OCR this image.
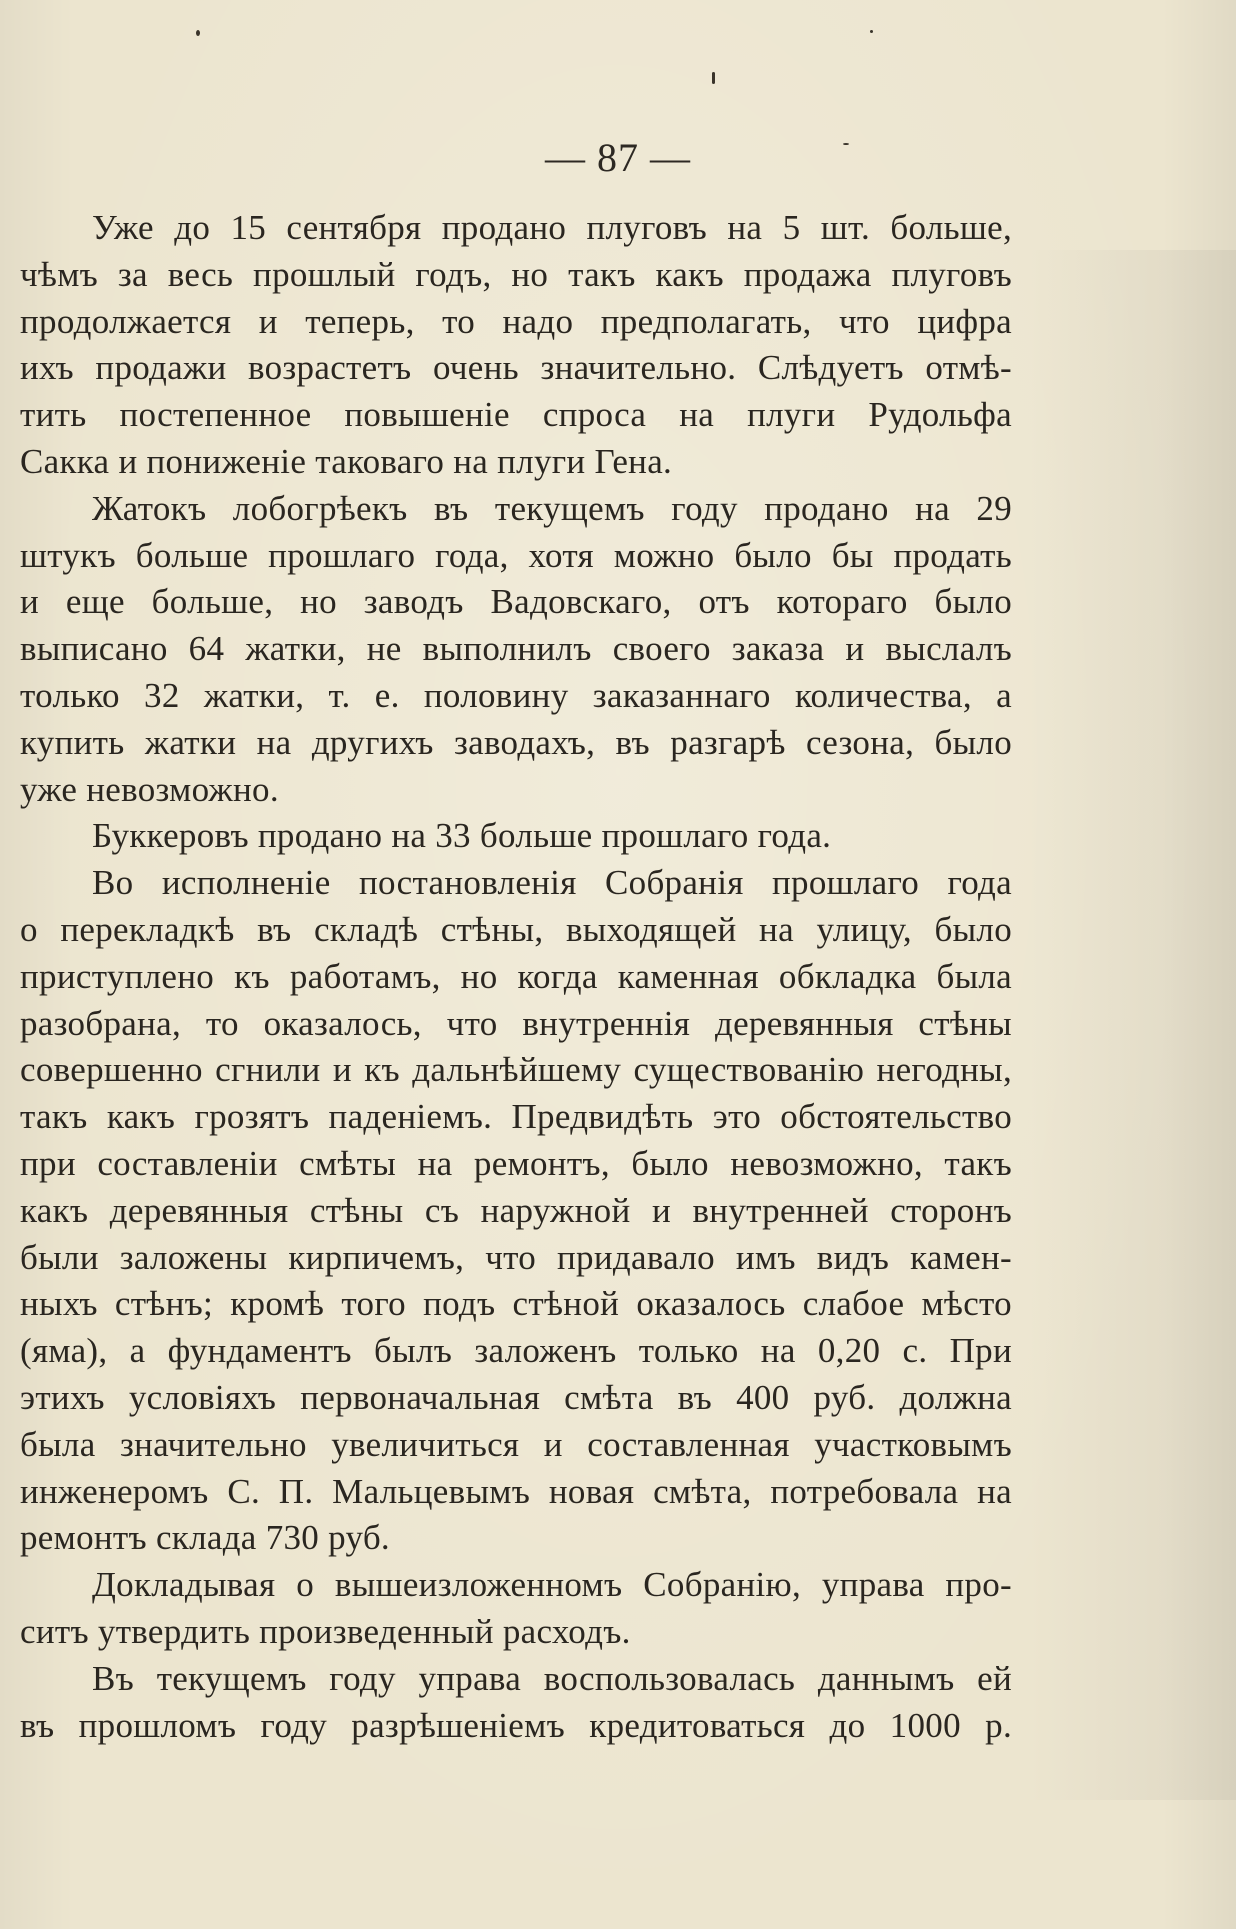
— 87 —
Уже до 15 сентября продано плуговъ на 5 шт. больше,
чѣмъ за весь прошлый годъ, но такъ какъ продажа плуговъ
продолжается и теперь, то надо предполагать, что цифра
ихъ продажи возрастетъ очень значительно. Слѣдуетъ отмѣ-
тить постепенное повышеніе спроса на плуги Рудольфа
Сакка и пониженіе таковаго на плуги Гена.
Жатокъ лобогрѣекъ въ текущемъ году продано на 29
штукъ больше прошлаго года, хотя можно было бы продать
и еще больше, но заводъ Вадовскаго, отъ котораго было
выписано 64 жатки, не выполнилъ своего заказа и выслалъ
только 32 жатки, т. е. половину заказаннаго количества, а
купить жатки на другихъ заводахъ, въ разгарѣ сезона, было
уже невозможно.
Буккеровъ продано на 33 больше прошлаго года.
Во исполненіе постановленія Собранія прошлаго года
о перекладкѣ въ складѣ стѣны, выходящей на улицу, было
приступлено къ работамъ, но когда каменная обкладка была
разобрана, то оказалось, что внутреннія деревянныя стѣны
совершенно сгнили и къ дальнѣйшему существованію негодны,
такъ какъ грозятъ паденіемъ. Предвидѣть это обстоятельство
при составленіи смѣты на ремонтъ, было невозможно, такъ
какъ деревянныя стѣны съ наружной и внутренней сторонъ
были заложены кирпичемъ, что придавало имъ видъ камен-
ныхъ стѣнъ; кромѣ того подъ стѣной оказалось слабое мѣсто
(яма), а фундаментъ былъ заложенъ только на 0,20 с. При
этихъ условіяхъ первоначальная смѣта въ 400 руб. должна
была значительно увеличиться и составленная участковымъ
инженеромъ С. П. Мальцевымъ новая смѣта, потребовала на
ремонтъ склада 730 руб.
Докладывая о вышеизложенномъ Собранію, управа про-
ситъ утвердить произведенный расходъ.
Въ текущемъ году управа воспользовалась даннымъ ей
въ прошломъ году разрѣшеніемъ кредитоваться до 1000 р.
